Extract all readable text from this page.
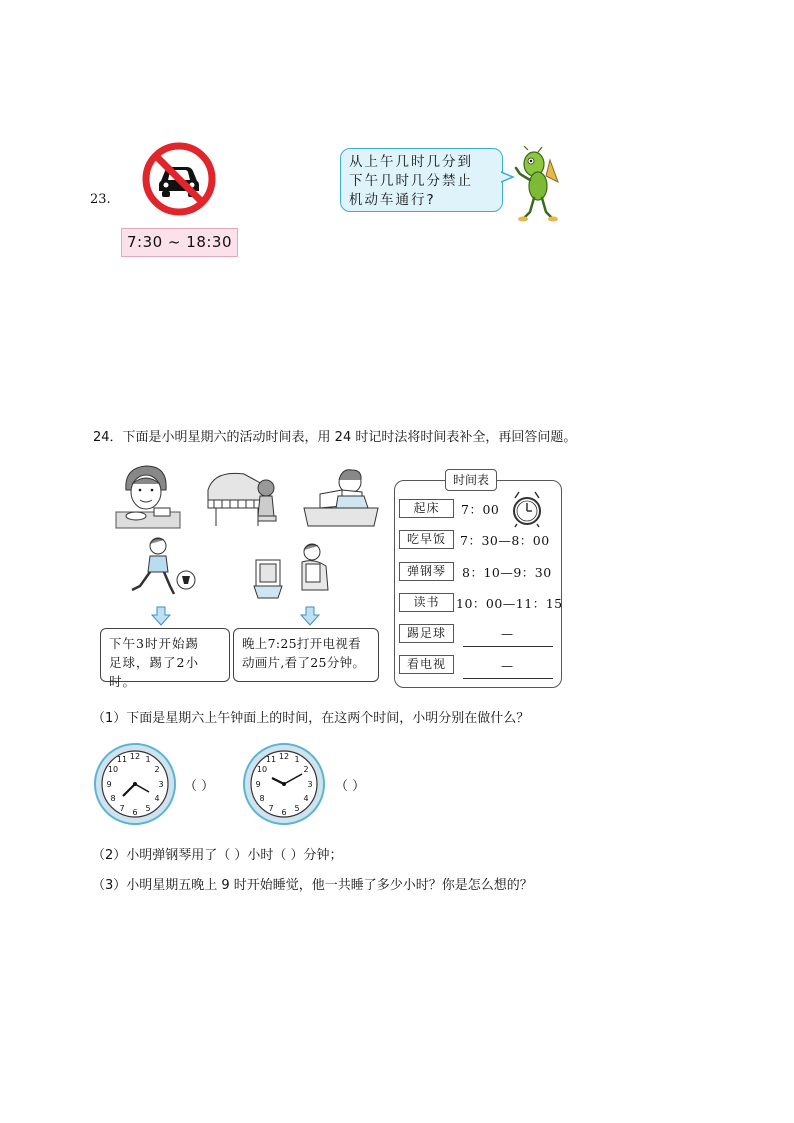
23.
7:30 ~ 18:30
从上午几时几分到
下午几时几分禁止
机动车通行?
24．下面是小明星期六的活动时间表，用 24 时记时法将时间表补全，再回答问题。
下午3时开始踢
足球，踢了2小时。
晚上7:25打开电视看
动画片,看了25分钟。
时间表
起床	7：00
吃早饭	7：30—8：00
弹钢琴	8：10—9：30
读书	10：00—11：15
踢足球	—
看电视	—
（1）下面是星期六上午钟面上的时间，在这两个时间，小明分别在做什么？
12 1
2
3
4
5
6
7
8
9
10
11
（ ）
12 1
2
3
4
5
6
7
8
9
10
11
（ ）
（2）小明弹钢琴用了（ ）小时（ ）分钟；
（3）小明星期五晚上 9 时开始睡觉，他一共睡了多少小时？你是怎么想的？
